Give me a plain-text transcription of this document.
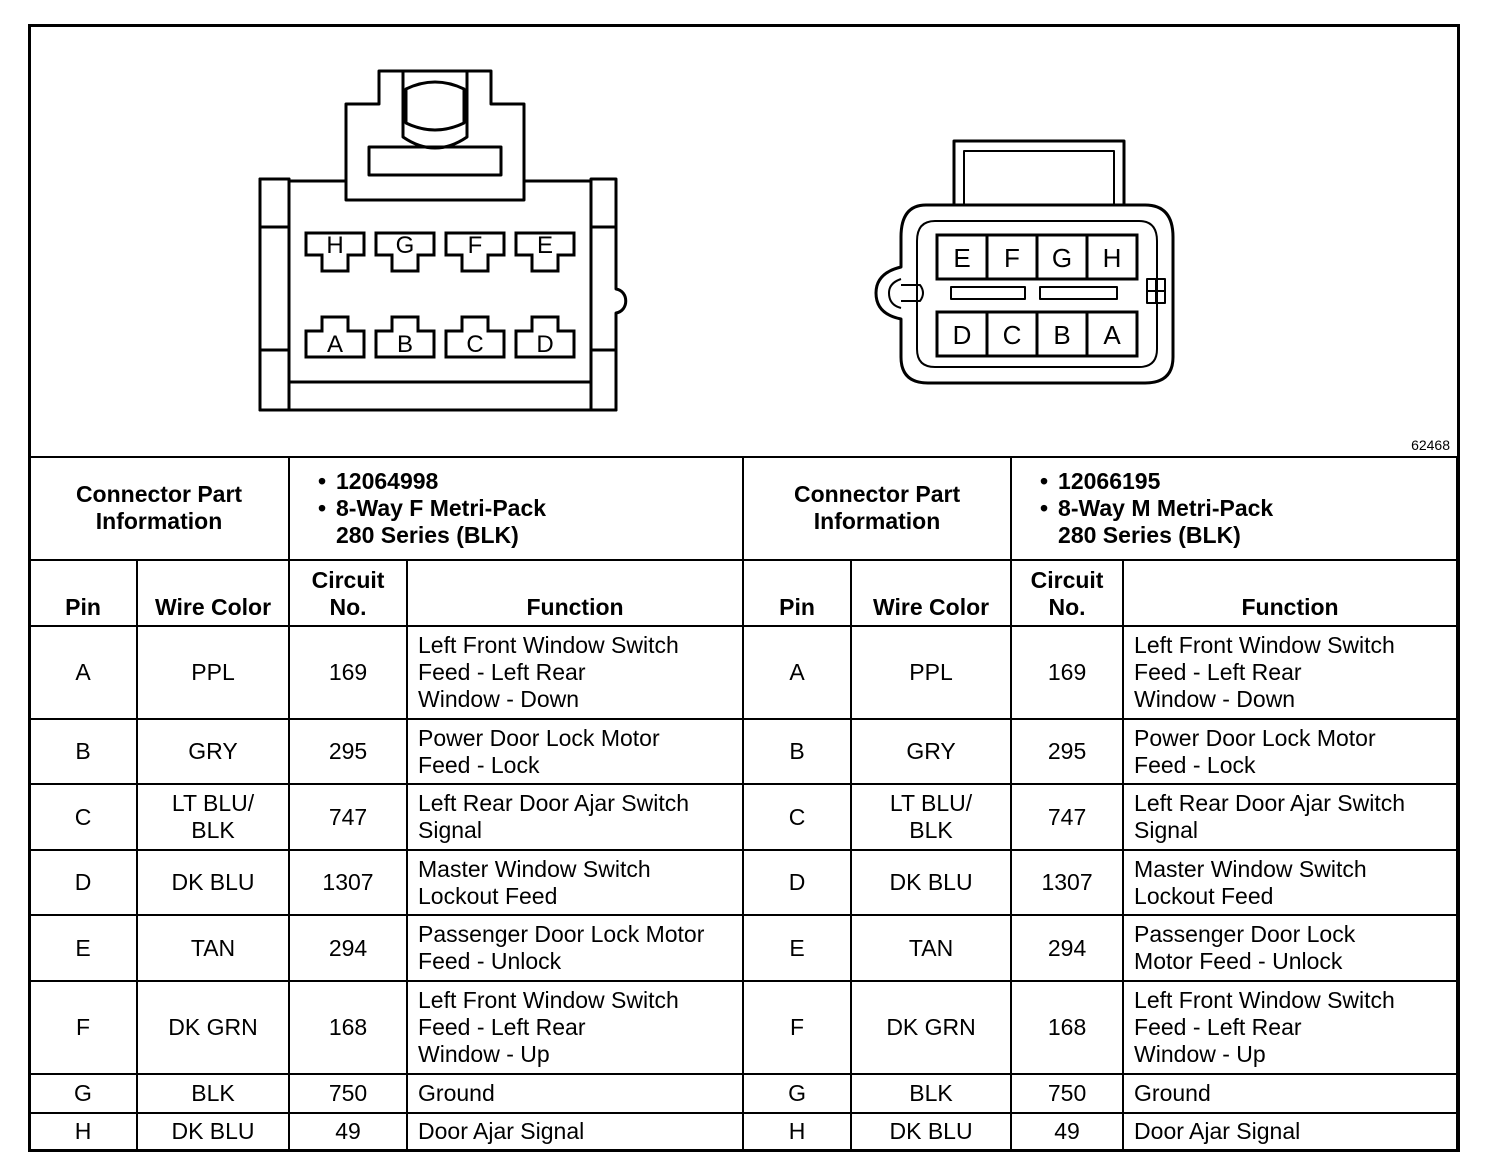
H G F E
A B C D
E F G H
D C B A
62468
Connector Part
Information		• 12064998
• 8-Way F Metri-Pack
280 Series (BLK)		Connector Part
Information		• 12066195
• 8-Way M Metri-Pack
280 Series (BLK)	

Pin	Wire Color	Circuit
No.	Function	Pin	Wire Color	Circuit
No.	Function
A	PPL	169	Left Front Window Switch
Feed - Left Rear
Window - Down	A	PPL	169	Left Front Window Switch
Feed - Left Rear
Window - Down

B	GRY	295	Power Door Lock Motor
Feed - Lock	B	GRY	295	Power Door Lock Motor
Feed - Lock

C	LT BLU/
BLK	747	Left Rear Door Ajar Switch
Signal	C	LT BLU/
BLK	747	Left Rear Door Ajar Switch
Signal

D	DK BLU	1307	Master Window Switch
Lockout Feed	D	DK BLU	1307	Master Window Switch
Lockout Feed

E	TAN	294	Passenger Door Lock Motor
Feed - Unlock	E	TAN	294	Passenger Door Lock
Motor Feed - Unlock

F	DK GRN	168	Left Front Window Switch
Feed - Left Rear
Window - Up	F	DK GRN	168	Left Front Window Switch
Feed - Left Rear
Window - Up

G	BLK	750	Ground	G	BLK	750	Ground

H	DK BLU	49	Door Ajar Signal	H	DK BLU	49	Door Ajar Signal
